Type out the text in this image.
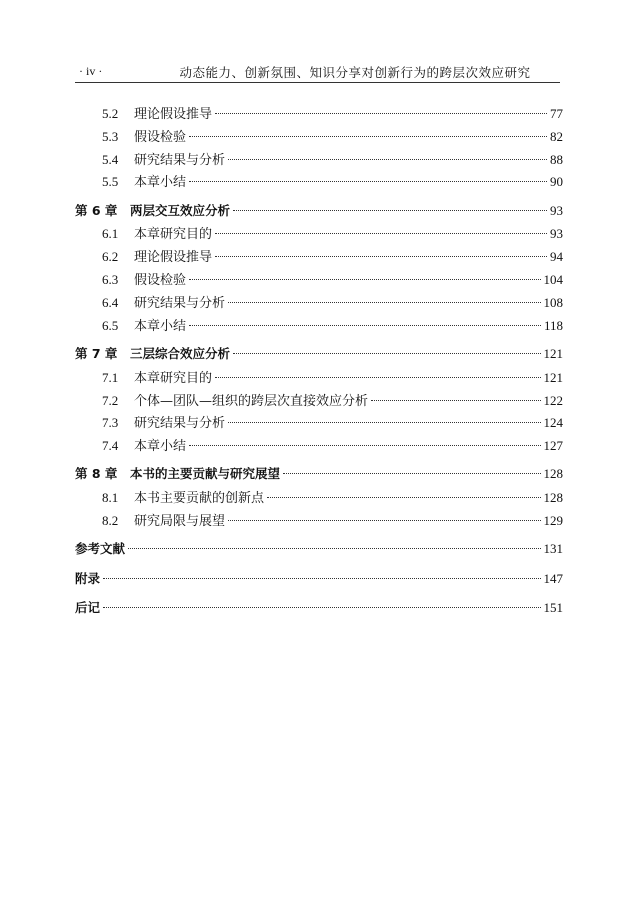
· iv ·	动态能力、创新氛围、知识分享对创新行为的跨层次效应研究
5.2	理论假设推导	77
5.3	假设检验	82
5.4	研究结果与分析	88
5.5	本章小结	90
第 6 章	两层交互效应分析	93
6.1	本章研究目的	93
6.2	理论假设推导	94
6.3	假设检验	104
6.4	研究结果与分析	108
6.5	本章小结	118
第 7 章	三层综合效应分析	121
7.1	本章研究目的	121
7.2	个体—团队—组织的跨层次直接效应分析	122
7.3	研究结果与分析	124
7.4	本章小结	127
第 8 章	本书的主要贡献与研究展望	128
8.1	本书主要贡献的创新点	128
8.2	研究局限与展望	129
参考文献	131
附录	147
后记	151
